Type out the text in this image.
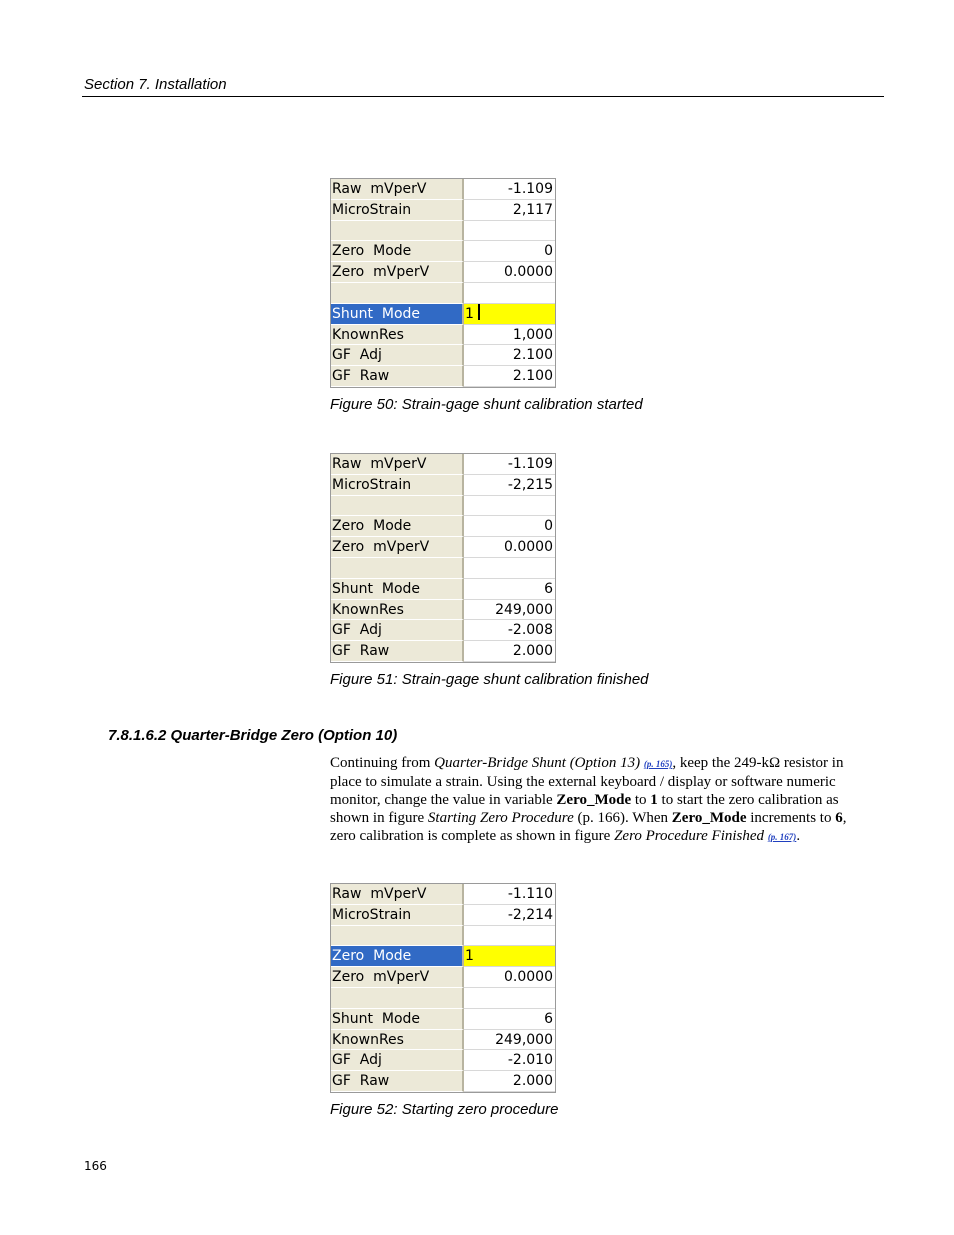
Section 7. Installation
Raw  mVperV	-1.109
MicroStrain	2,117
Zero  Mode	0
Zero  mVperV	0.0000
Shunt  Mode	1
KnownRes	1,000
GF  Adj	2.100
GF  Raw	2.100
Figure 50: Strain-gage shunt calibration started
Raw  mVperV	-1.109
MicroStrain	-2,215
Zero  Mode	0
Zero  mVperV	0.0000
Shunt  Mode	6
KnownRes	249,000
GF  Adj	-2.008
GF  Raw	2.000
Figure 51: Strain-gage shunt calibration finished
7.8.1.6.2 Quarter-Bridge Zero (Option 10)
Continuing from Quarter-Bridge Shunt (Option 13) (p. 165), keep the 249-kΩ resistor in place to simulate a strain. Using the external keyboard / display or software numeric monitor, change the value in variable Zero_Mode to 1 to start the zero calibration as shown in figure Starting Zero Procedure (p. 166). When Zero_Mode increments to 6, zero calibration is complete as shown in figure Zero Procedure Finished (p. 167).
Raw  mVperV	-1.110
MicroStrain	-2,214
Zero  Mode	1
Zero  mVperV	0.0000
Shunt  Mode	6
KnownRes	249,000
GF  Adj	-2.010
GF  Raw	2.000
Figure 52: Starting zero procedure
166
